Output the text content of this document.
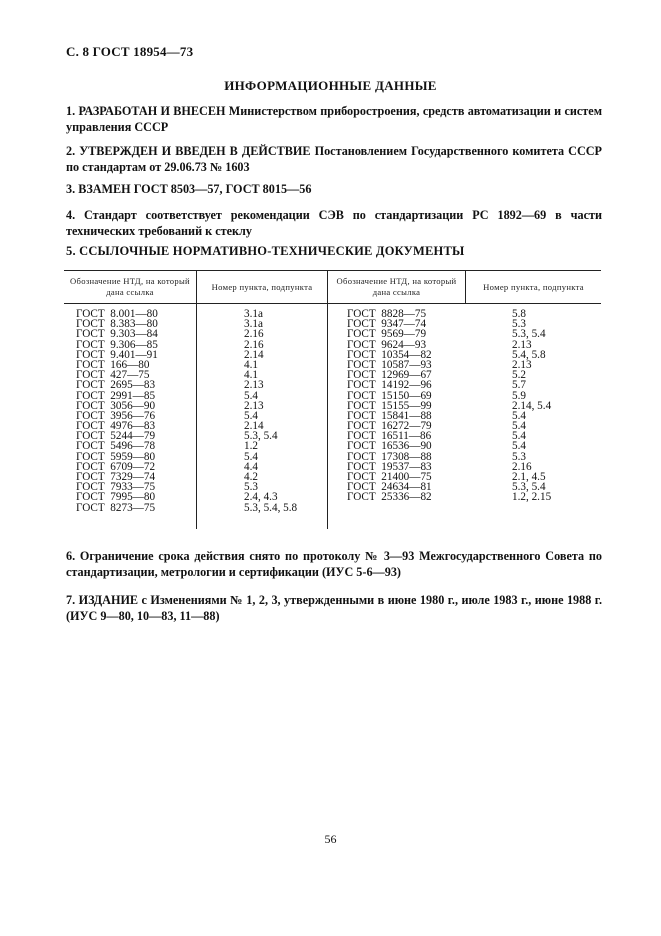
С. 8 ГОСТ 18954—73
ИНФОРМАЦИОННЫЕ ДАННЫЕ
1. РАЗРАБОТАН И ВНЕСЕН Министерством приборостроения, средств автоматизации и систем управления СССР
2. УТВЕРЖДЕН И ВВЕДЕН В ДЕЙСТВИЕ Постановлением Государственного комитета СССР по стандартам от 29.06.73 № 1603
3. ВЗАМЕН ГОСТ 8503—57, ГОСТ 8015—56
4. Стандарт соответствует рекомендации СЭВ по стандартизации РС 1892—69 в части технических требований к стеклу
5. ССЫЛОЧНЫЕ НОРМАТИВНО-ТЕХНИЧЕСКИЕ ДОКУМЕНТЫ
Обозначение НТД, на который дана ссылка
Номер пункта, подпункта
Обозначение НТД, на который дана ссылка
Номер пункта, подпункта
ГОСТ  8.001—80
ГОСТ  8.383—80
ГОСТ  9.303—84
ГОСТ  9.306—85
ГОСТ  9.401—91
ГОСТ  166—80
ГОСТ  427—75
ГОСТ  2695—83
ГОСТ  2991—85
ГОСТ  3056—90
ГОСТ  3956—76
ГОСТ  4976—83
ГОСТ  5244—79
ГОСТ  5496—78
ГОСТ  5959—80
ГОСТ  6709—72
ГОСТ  7329—74
ГОСТ  7933—75
ГОСТ  7995—80
ГОСТ  8273—75
3.1а
3.1а
2.16
2.16
2.14
4.1
4.1
2.13
5.4
2.13
5.4
2.14
5.3, 5.4
1.2
5.4
4.4
4.2
5.3
2.4, 4.3
5.3, 5.4, 5.8
ГОСТ  8828—75
ГОСТ  9347—74
ГОСТ  9569—79
ГОСТ  9624—93
ГОСТ  10354—82
ГОСТ  10587—93
ГОСТ  12969—67
ГОСТ  14192—96
ГОСТ  15150—69
ГОСТ  15155—99
ГОСТ  15841—88
ГОСТ  16272—79
ГОСТ  16511—86
ГОСТ  16536—90
ГОСТ  17308—88
ГОСТ  19537—83
ГОСТ  21400—75
ГОСТ  24634—81
ГОСТ  25336—82
5.8
5.3
5.3, 5.4
2.13
5.4, 5.8
2.13
5.2
5.7
5.9
2.14, 5.4
5.4
5.4
5.4
5.4
5.3
2.16
2.1, 4.5
5.3, 5.4
1.2, 2.15
6. Ограничение срока действия снято по протоколу № 3—93 Межгосударственного Совета по стандартизации, метрологии и сертификации (ИУС 5-6—93)
7. ИЗДАНИЕ с Изменениями № 1, 2, 3, утвержденными в июне 1980 г., июле 1983 г., июне 1988 г. (ИУС 9—80, 10—83, 11—88)
56
